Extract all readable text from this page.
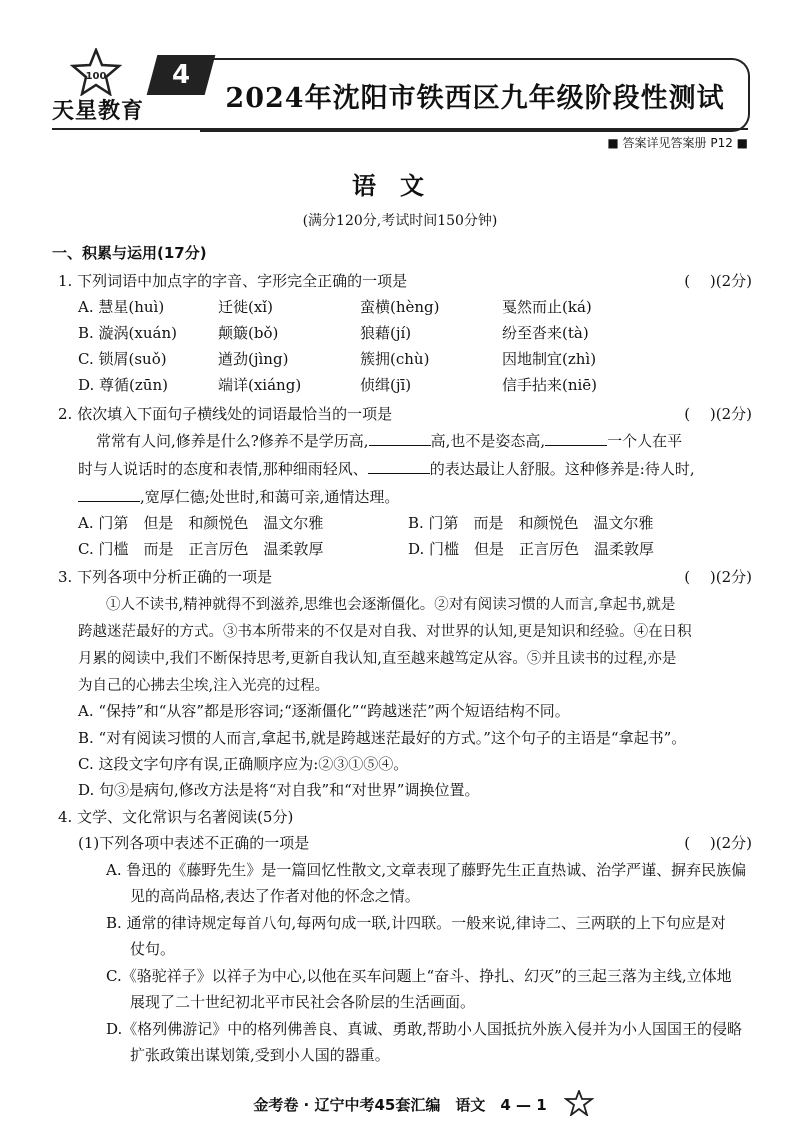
100
天星教育
4
2024年沈阳市铁西区九年级阶段性测试
■ 答案详见答案册 P12 ■
语文
(满分120分,考试时间150分钟)
一、积累与运用(17分)
1. 下列词语中加点字的字音、字形完全正确的一项是	(　 )(2分)
A. 慧星(huì)	迁徙(xǐ)	蛮横(hèng)	戛然而止(ká)
B. 漩涡(xuán)	颠簸(bǒ)	狼藉(jí)	纷至沓来(tà)
C. 锁屑(suǒ)	遒劲(jìng)	簇拥(chù)	因地制宜(zhì)
D. 尊循(zūn)	端详(xiáng)	侦缉(jī)	信手拈来(niē)
2. 依次填入下面句子横线处的词语最恰当的一项是	(　 )(2分)
常常有人问,修养是什么?修养不是学历高,	高,也不是姿态高,	一个人在平
时与人说话时的态度和表情,那种细雨轻风、	的表达最让人舒服。这种修养是:待人时,
,宽厚仁德;处世时,和蔼可亲,通情达理。
A. 门第　但是　和颜悦色　温文尔雅	B. 门第　而是　和颜悦色　温文尔雅
C. 门槛　而是　正言厉色　温柔敦厚	D. 门槛　但是　正言厉色　温柔敦厚
3. 下列各项中分析正确的一项是	(　 )(2分)
①人不读书,精神就得不到滋养,思维也会逐渐僵化。②对有阅读习惯的人而言,拿起书,就是
跨越迷茫最好的方式。③书本所带来的不仅是对自我、对世界的认知,更是知识和经验。④在日积
月累的阅读中,我们不断保持思考,更新自我认知,直至越来越笃定从容。⑤并且读书的过程,亦是
为自己的心拂去尘埃,注入光亮的过程。
A. “保持”和“从容”都是形容词;“逐渐僵化”“跨越迷茫”两个短语结构不同。
B. “对有阅读习惯的人而言,拿起书,就是跨越迷茫最好的方式。”这个句子的主语是“拿起书”。
C. 这段文字句序有误,正确顺序应为:②③①⑤④。
D. 句③是病句,修改方法是将“对自我”和“对世界”调换位置。
4. 文学、文化常识与名著阅读(5分)
(1)下列各项中表述不正确的一项是	(　 )(2分)
A. 鲁迅的《藤野先生》是一篇回忆性散文,文章表现了藤野先生正直热诚、治学严谨、摒弃民族偏
见的高尚品格,表达了作者对他的怀念之情。
B. 通常的律诗规定每首八句,每两句成一联,计四联。一般来说,律诗二、三两联的上下句应是对
仗句。
C.《骆驼祥子》以祥子为中心,以他在买车问题上“奋斗、挣扎、幻灭”的三起三落为主线,立体地
展现了二十世纪初北平市民社会各阶层的生活画面。
D.《格列佛游记》中的格列佛善良、真诚、勇敢,帮助小人国抵抗外族入侵并为小人国国王的侵略
扩张政策出谋划策,受到小人国的器重。
金考卷 · 辽宁中考45套汇编　语文　4 — 1
